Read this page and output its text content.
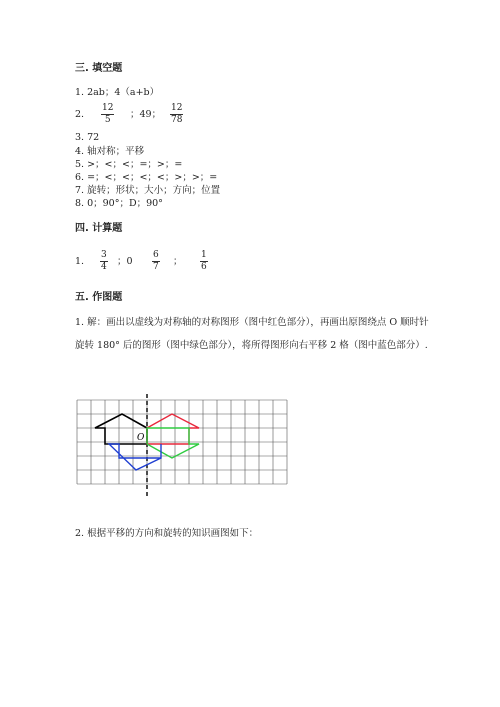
三. 填空题
1. 2ab；4（a+b）
2.
12
5 ；49；
12
78
3. 72
4. 轴对称；平移
5. >；<；<；=；>；=
6. =；<；<；<；<；>；>；=
7. 旋转；形状；大小；方向；位置
8. 0；90°；D；90°
四. 计算题
1.
3
4 ；0
6
7 ；
1
6
五. 作图题
1. 解：画出以虚线为对称轴的对称图形（图中红色部分），再画出原图绕点 O 顺时针旋转 180° 后的图形（图中绿色部分），将所得图形向右平移 2 格（图中蓝色部分）.
O
2. 根据平移的方向和旋转的知识画图如下：
